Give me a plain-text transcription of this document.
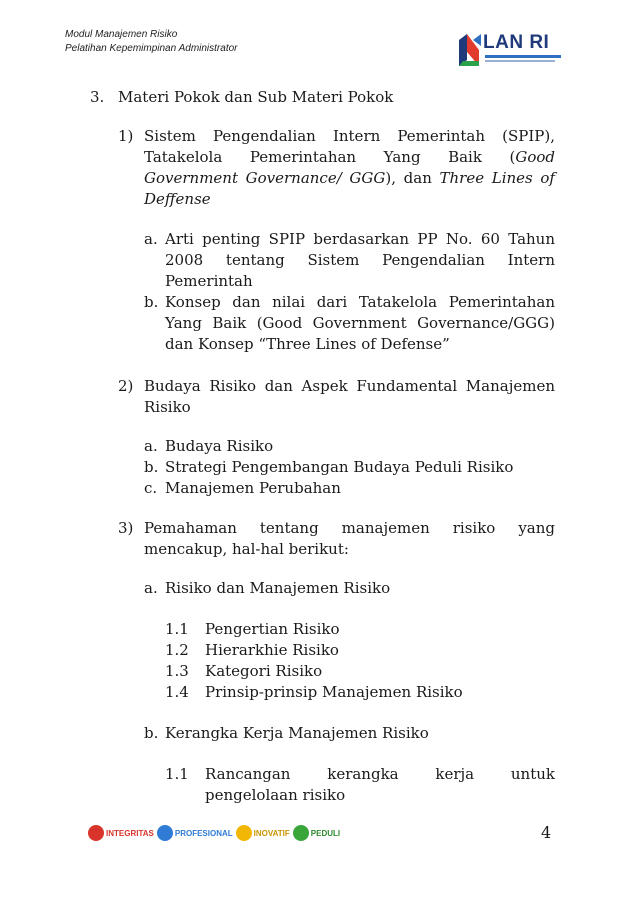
Modul Manajemen Risiko
Pelatihan Kepemimpinan Administrator	LAN RI
3. Materi Pokok dan Sub Materi Pokok
1) Sistem Pengendalian Intern Pemerintah (SPIP),
Tatakelola Pemerintahan Yang Baik (Good
Government Governance/ GGG), dan Three Lines of
Deffense
a. Arti penting SPIP berdasarkan PP No. 60 Tahun
2008 tentang Sistem Pengendalian Intern
Pemerintah
b. Konsep dan nilai dari Tatakelola Pemerintahan
Yang Baik (Good Government Governance/GGG)
dan Konsep “Three Lines of Defense”
2) Budaya Risiko dan Aspek Fundamental Manajemen
Risiko
a. Budaya Risiko
b. Strategi Pengembangan Budaya Peduli Risiko
c. Manajemen Perubahan
3) Pemahaman tentang manajemen risiko yang
mencakup, hal-hal berikut:
a. Risiko dan Manajemen Risiko
1.1 Pengertian Risiko
1.2 Hierarkhie Risiko
1.3 Kategori Risiko
1.4 Prinsip-prinsip Manajemen Risiko
b. Kerangka Kerja Manajemen Risiko
1.1 Rancangan kerangka kerja untuk
pengelolaan risiko
INTEGRITAS	PROFESIONAL	INOVATIF	PEDULI	4
